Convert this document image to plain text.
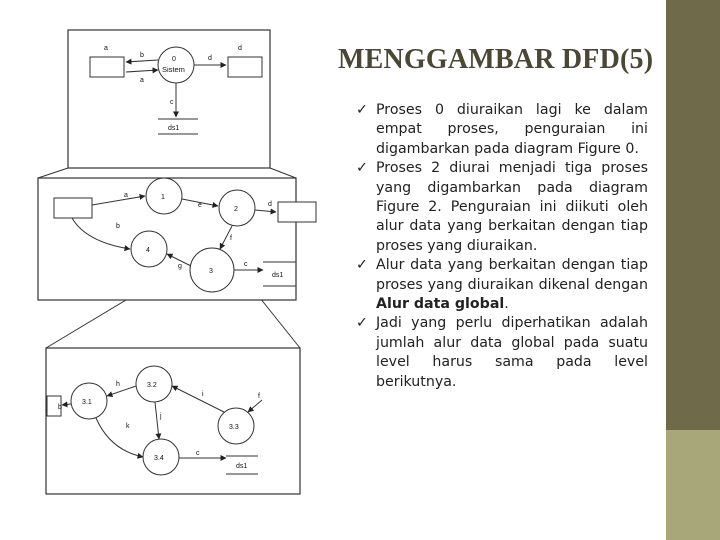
0
Sistem
a	d
ds1
b
a
d
c
1
2
3
4
ds1
a
e	d
b
f
g	c
3.1
3.2
3.3
3.4
ds1
h
b
i	f
j
k
c
MENGGAMBAR DFD(5)
✓ Proses 0 diuraikan lagi ke dalam empat proses, penguraian ini digambarkan pada diagram Figure 0.
✓ Proses 2 diurai menjadi tiga proses yang digambarkan pada diagram Figure 2. Penguraian ini diikuti oleh alur data yang berkaitan dengan tiap proses yang diuraikan.
✓ Alur data yang berkaitan dengan tiap proses yang diuraikan dikenal dengan Alur data global.
✓ Jadi yang perlu diperhatikan adalah jumlah alur data global pada suatu level harus sama pada level berikutnya.
